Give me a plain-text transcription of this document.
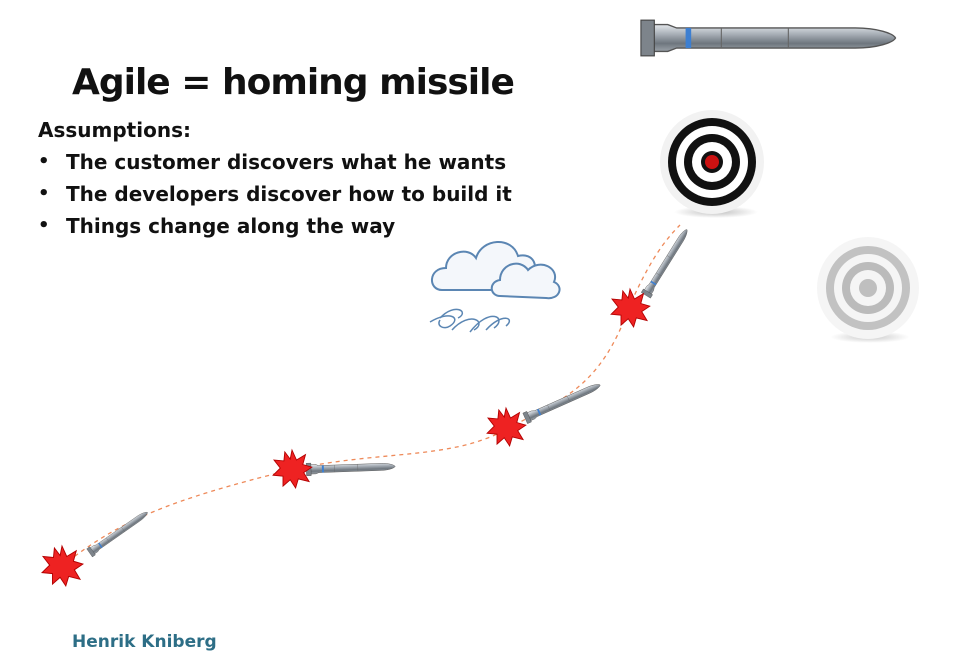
Agile = homing missile
Assumptions:
• The customer discovers what he wants
• The developers discover how to build it
• Things change along the way
Henrik Kniberg
